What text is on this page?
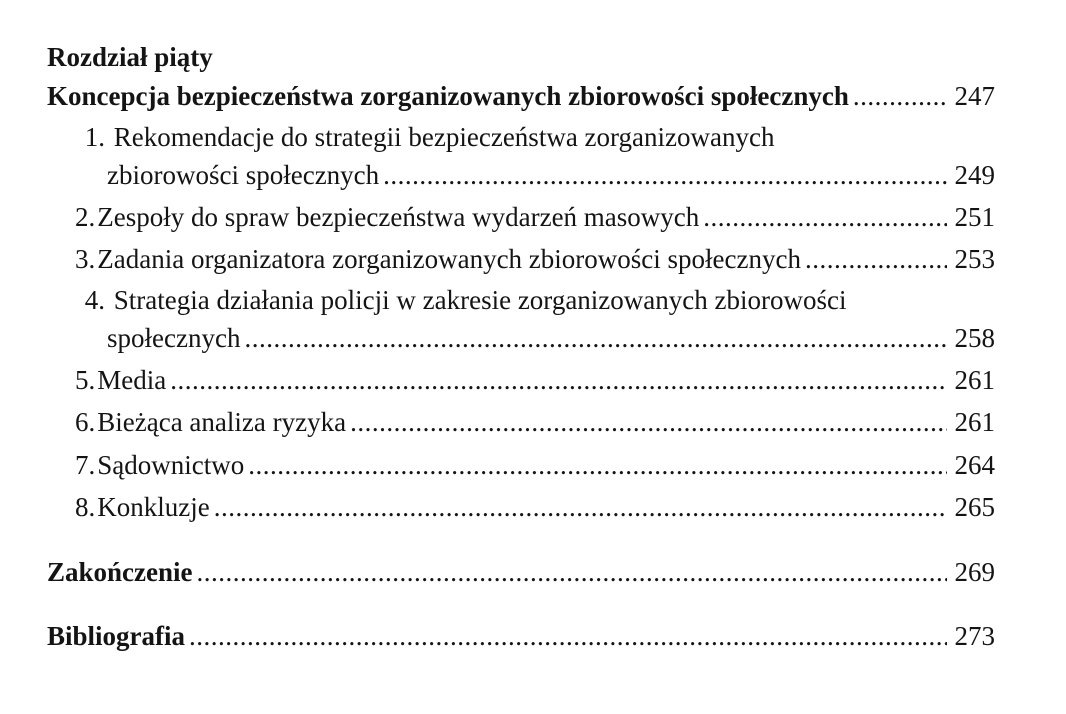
Rozdział piąty
Koncepcja bezpieczeństwa zorganizowanych zbiorowości społecznych .....	247
1. Rekomendacje do strategii bezpieczeństwa zorganizowanych
zbiorowości społecznych .....	249
2. Zespoły do spraw bezpieczeństwa wydarzeń masowych .....	251
3. Zadania organizatora zorganizowanych zbiorowości społecznych .....	253
4. Strategia działania policji w zakresie zorganizowanych zbiorowości
społecznych .....	258
5. Media .....	261
6. Bieżąca analiza ryzyka .....	261
7. Sądownictwo .....	264
8. Konkluzje .....	265
Zakończenie .....	269
Bibliografia .....	273
